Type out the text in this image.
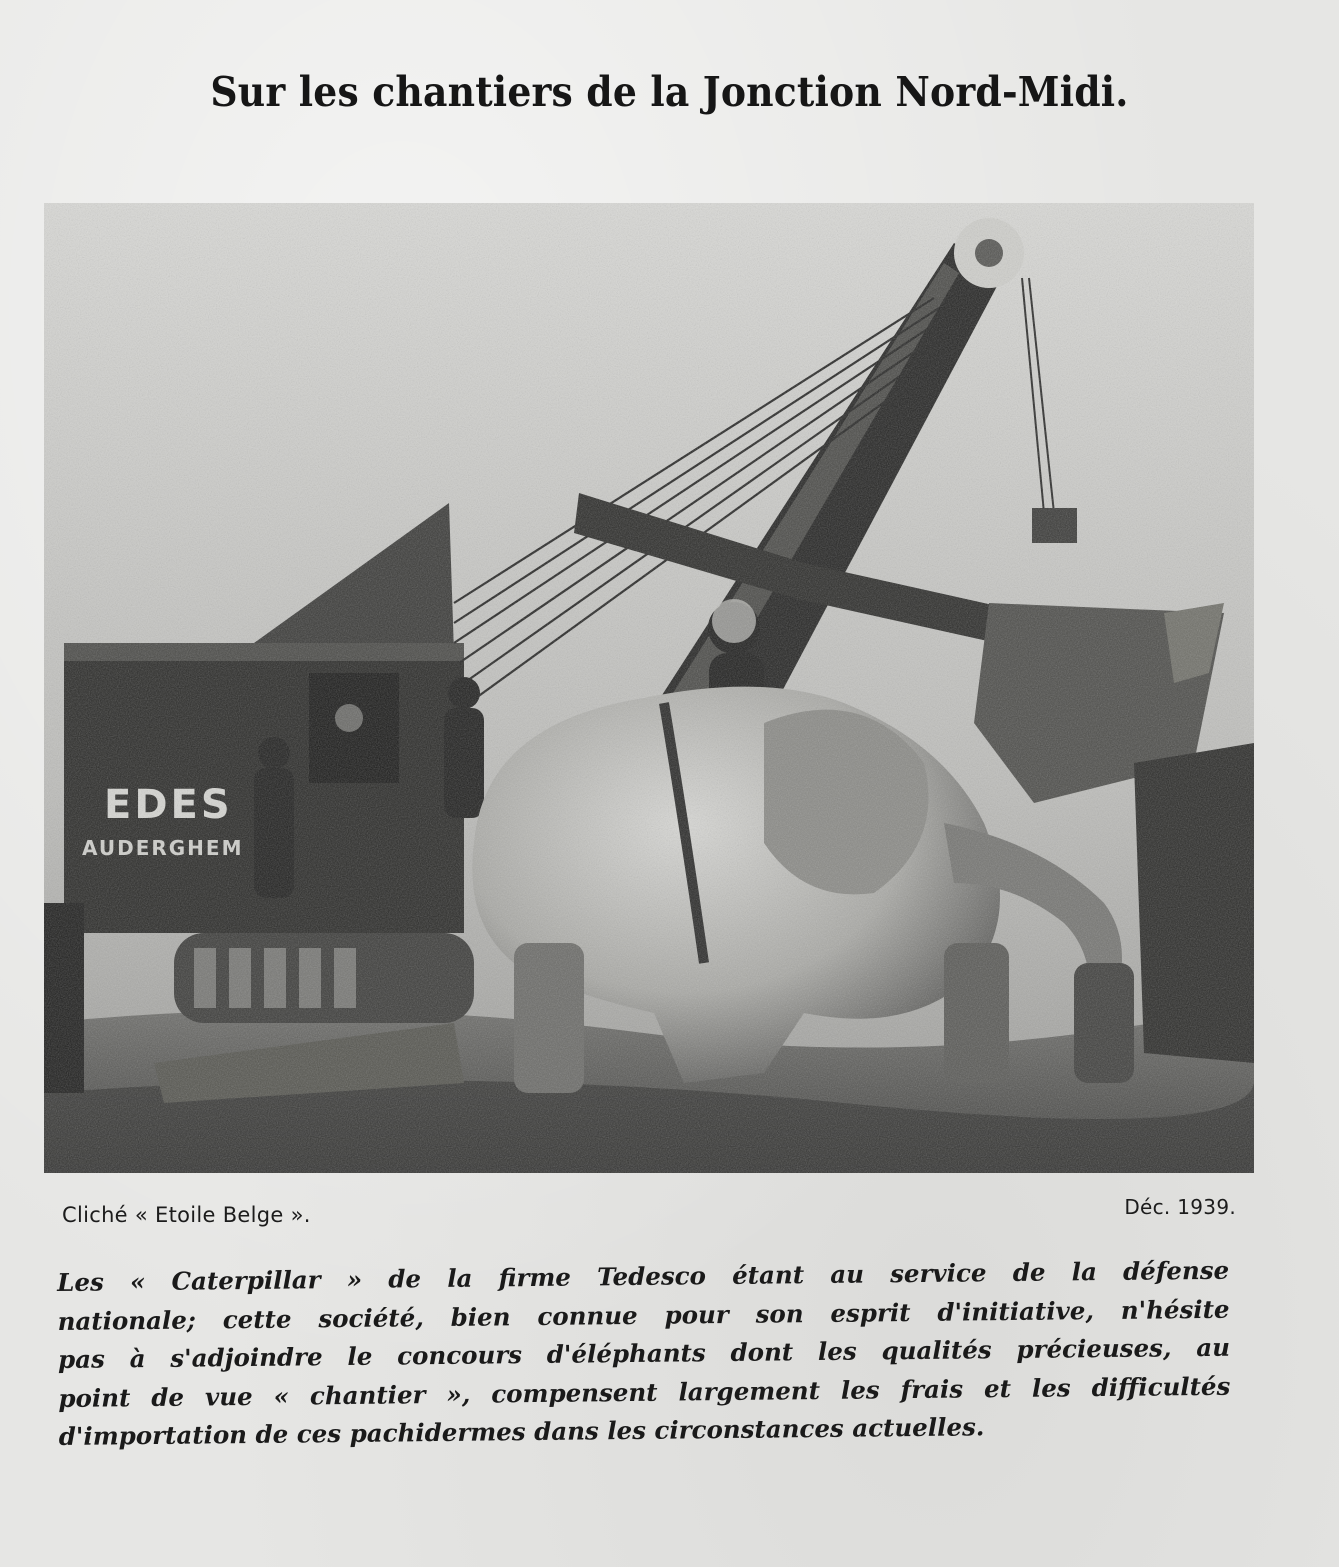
Sur les chantiers de la Jonction Nord-Midi.
Cliché « Etoile Belge ».	Déc. 1939.
Les « Caterpillar » de la firme Tedesco étant au service de la défense
nationale; cette société, bien connue pour son esprit d'initiative, n'hésite
pas à s'adjoindre le concours d'éléphants dont les qualités précieuses, au
point de vue « chantier », compensent largement les frais et les difficultés
d'importation de ces pachidermes dans les circonstances actuelles.
